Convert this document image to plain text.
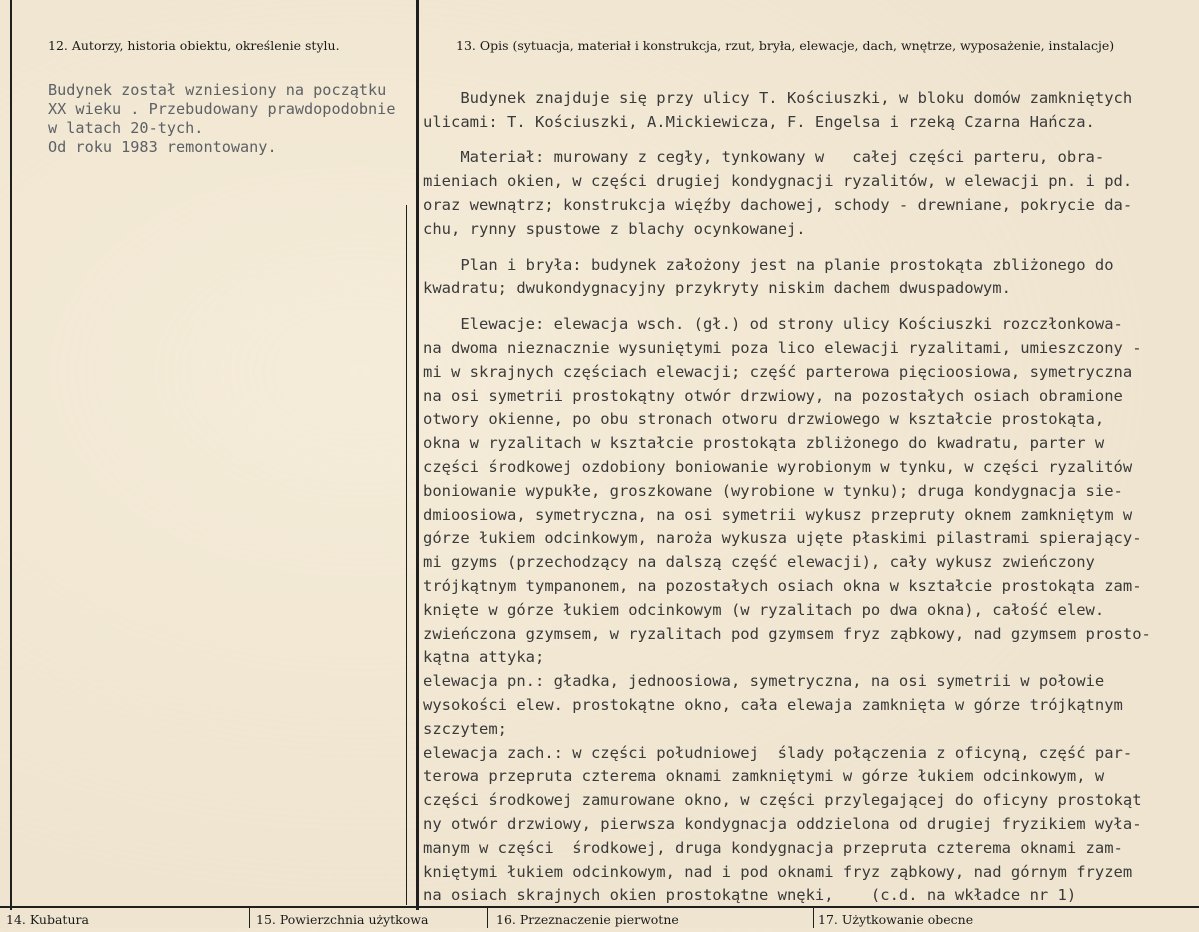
12. Autorzy, historia obiektu, określenie stylu.

Budynek został wzniesiony na początku
XX wieku . Przebudowany prawdopodobnie
w latach 20-tych.
Od roku 1983 remontowany.

13. Opis (sytuacja, materiał i konstrukcja, rzut, bryła, elewacje, dach, wnętrze, wyposażenie, instalacje)

Budynek znajduje się przy ulicy T. Kościuszki, w bloku domów zamkniętych
ulicami: T. Kościuszki, A.Mickiewicza, F. Engelsa i rzeką Czarna Hańcza.
Materiał: murowany z cegły, tynkowany w   całej części parteru, obra-
mieniach okien, w części drugiej kondygnacji ryzalitów, w elewacji pn. i pd.
oraz wewnątrz; konstrukcja więźby dachowej, schody - drewniane, pokrycie da-
chu, rynny spustowe z blachy ocynkowanej.
Plan i bryła: budynek założony jest na planie prostokąta zbliżonego do
kwadratu; dwukondygnacyjny przykryty niskim dachem dwuspadowym.
Elewacje: elewacja wsch. (gł.) od strony ulicy Kościuszki rozczłonkowa-
na dwoma nieznacznie wysuniętymi poza lico elewacji ryzalitami, umieszczony -
mi w skrajnych częściach elewacji; część parterowa pięcioosiowa, symetryczna
na osi symetrii prostokątny otwór drzwiowy, na pozostałych osiach obramione
otwory okienne, po obu stronach otworu drzwiowego w kształcie prostokąta,
okna w ryzalitach w kształcie prostokąta zbliżonego do kwadratu, parter w
części środkowej ozdobiony boniowanie wyrobionym w tynku, w części ryzalitów
boniowanie wypukłe, groszkowane (wyrobione w tynku); druga kondygnacja sie-
dmioosiowa, symetryczna, na osi symetrii wykusz przepruty oknem zamkniętym w
górze łukiem odcinkowym, naroża wykusza ujęte płaskimi pilastrami spierający-
mi gzyms (przechodzący na dalszą część elewacji), cały wykusz zwieńczony
trójkątnym tympanonem, na pozostałych osiach okna w kształcie prostokąta zam-
knięte w górze łukiem odcinkowym (w ryzalitach po dwa okna), całość elew.
zwieńczona gzymsem, w ryzalitach pod gzymsem fryz ząbkowy, nad gzymsem prosto-
kątna attyka;
elewacja pn.: gładka, jednoosiowa, symetryczna, na osi symetrii w połowie
wysokości elew. prostokątne okno, cała elewaja zamknięta w górze trójkątnym
szczytem;
elewacja zach.: w części południowej  ślady połączenia z oficyną, część par-
terowa przepruta czterema oknami zamkniętymi w górze łukiem odcinkowym, w
części środkowej zamurowane okno, w części przylegającej do oficyny prostokąt
ny otwór drzwiowy, pierwsza kondygnacja oddzielona od drugiej fryzikiem wyła-
manym w części  środkowej, druga kondygnacja przepruta czterema oknami zam-
kniętymi łukiem odcinkowym, nad i pod oknami fryz ząbkowy, nad górnym fryzem
na osiach skrajnych okien prostokątne wnęki,    (c.d. na wkładce nr 1)

14. Kubatura	15. Powierzchnia użytkowa	16. Przeznaczenie pierwotne	17. Użytkowanie obecne
